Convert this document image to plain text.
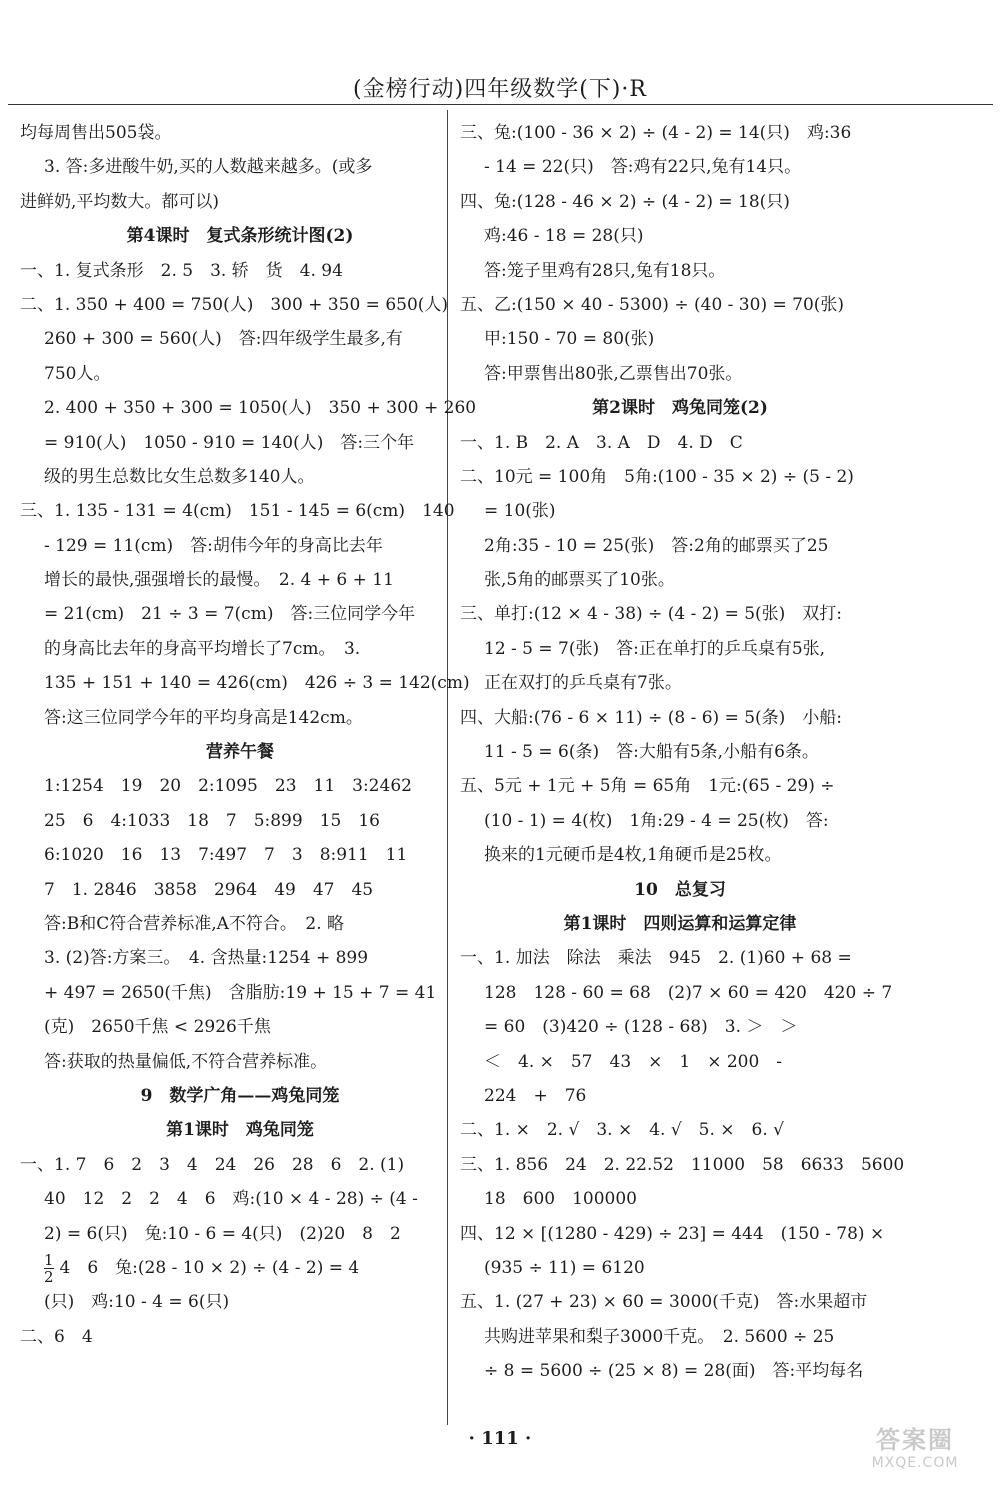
(金榜行动)四年级数学(下)·R
均每周售出505袋。
3. 答:多进酸牛奶,买的人数越来越多。(或多
进鲜奶,平均数大。都可以)
第4课时　复式条形统计图(2)
一、1. 复式条形　2. 5　3. 轿　货　4. 94
二、1. 350 + 400 = 750(人)　300 + 350 = 650(人)
260 + 300 = 560(人)　答:四年级学生最多,有
750人。
2. 400 + 350 + 300 = 1050(人)　350 + 300 + 260
= 910(人)　1050 - 910 = 140(人)　答:三个年
级的男生总数比女生总数多140人。
三、1. 135 - 131 = 4(cm)　151 - 145 = 6(cm)　140
- 129 = 11(cm)　答:胡伟今年的身高比去年
增长的最快,强强增长的最慢。　2. 4 + 6 + 11
= 21(cm)　21 ÷ 3 = 7(cm)　答:三位同学今年
的身高比去年的身高平均增长了7cm。　3.
135 + 151 + 140 = 426(cm)　426 ÷ 3 = 142(cm)
答:这三位同学今年的平均身高是142cm。
营养午餐
1:1254　19　20　2:1095　23　11　3:2462
25　6　4:1033　18　7　5:899　15　16
6:1020　16　13　7:497　7　3　8:911　11
7　1. 2846　3858　2964　49　47　45
答:B和C符合营养标准,A不符合。　2. 略
3. (2)答:方案三。　4. 含热量:1254 + 899
+ 497 = 2650(千焦)　含脂肪:19 + 15 + 7 = 41
(克)　2650千焦 < 2926千焦
答:获取的热量偏低,不符合营养标准。
9　数学广角——鸡兔同笼
第1课时　鸡兔同笼
一、1. 7　6　2　3　4　24　26　28　6　2. (1)
40　12　2　2　4　6　鸡:(10 × 4 - 28) ÷ (4 -
2) = 6(只)　兔:10 - 6 = 4(只)　(2)20　8　2
$\frac{1}{2} 4$　6　兔:(28 - 10 × 2) ÷ (4 - 2) = 4
(只)　鸡:10 - 4 = 6(只)
二、6　4
三、兔:(100 - 36 × 2) ÷ (4 - 2) = 14(只)　鸡:36
- 14 = 22(只)　答:鸡有22只,兔有14只。
四、兔:(128 - 46 × 2) ÷ (4 - 2) = 18(只)
鸡:46 - 18 = 28(只)
答:笼子里鸡有28只,兔有18只。
五、乙:(150 × 40 - 5300) ÷ (40 - 30) = 70(张)
甲:150 - 70 = 80(张)
答:甲票售出80张,乙票售出70张。
第2课时　鸡兔同笼(2)
一、1. B　2. A　3. A　D　4. D　C
二、10元 = 100角　5角:(100 - 35 × 2) ÷ (5 - 2)
= 10(张)
2角:35 - 10 = 25(张)　答:2角的邮票买了25
张,5角的邮票买了10张。
三、单打:(12 × 4 - 38) ÷ (4 - 2) = 5(张)　双打:
12 - 5 = 7(张)　答:正在单打的乒乓桌有5张,
正在双打的乒乓桌有7张。
四、大船:(76 - 6 × 11) ÷ (8 - 6) = 5(条)　小船:
11 - 5 = 6(条)　答:大船有5条,小船有6条。
五、5元 + 1元 + 5角 = 65角　1元:(65 - 29) ÷
(10 - 1) = 4(枚)　1角:29 - 4 = 25(枚)　答:
换来的1元硬币是4枚,1角硬币是25枚。
10　总复习
第1课时　四则运算和运算定律
一、1. 加法　除法　乘法　945　2. (1)60 + 68 =
128　128 - 60 = 68　(2)7 × 60 = 420　420 ÷ 7
= 60　(3)420 ÷ (128 - 68)　3. ＞　＞
＜　4. ×　57　43　×　1　× 200　-
224　+　76
二、1. ×　2. √　3. ×　4. √　5. ×　6. √
三、1. 856　24　2. 22.52　11000　58　6633　5600
18　600　100000
四、12 × [(1280 - 429) ÷ 23] = 444　(150 - 78) ×
(935 ÷ 11) = 6120
五、1. (27 + 23) × 60 = 3000(千克)　答:水果超市
共购进苹果和梨子3000千克。　2. 5600 ÷ 25
÷ 8 = 5600 ÷ (25 × 8) = 28(面)　答:平均每名
· 111 ·	答案圈
MXQE.COM
